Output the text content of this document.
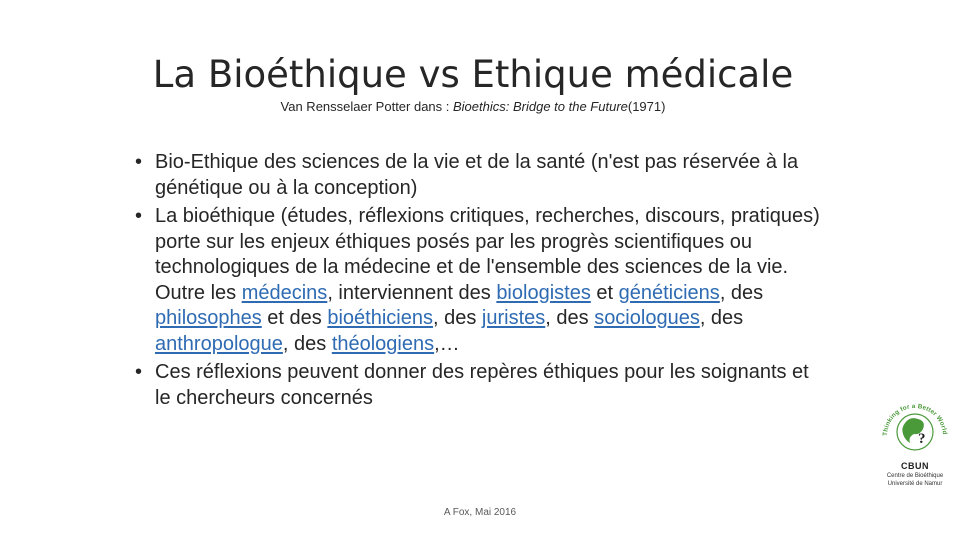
La Bioéthique vs Ethique médicale
Van Rensselaer Potter dans : Bioethics: Bridge to the Future(1971)
• Bio-Ethique des sciences de la vie et de la santé (n'est pas réservée à la génétique ou à la conception)
• La bioéthique (études, réflexions critiques, recherches, discours, pratiques) porte sur les enjeux éthiques posés par les progrès scientifiques ou technologiques de la médecine et de l'ensemble des sciences de la vie. Outre les médecins, interviennent des biologistes et généticiens, des philosophes et des bioéthiciens, des juristes, des sociologues, des anthropologue, des théologiens,…
• Ces réflexions peuvent donner des repères éthiques pour les soignants et le chercheurs concernés
A Fox, Mai 2016
Thinking for a Better World
?
CBUN
Centre de Bioéthique
Université de Namur
